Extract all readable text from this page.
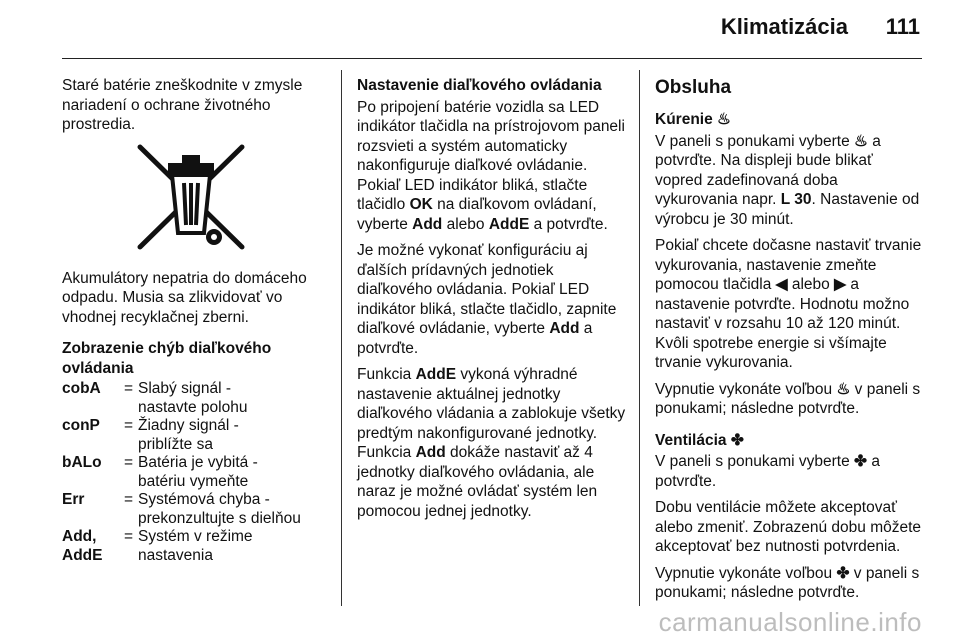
Klimatizácia 111

Staré batérie zneškodnite v zmysle
nariadení o ochrane životného
prostredia.

Akumulátory nepatria do domáceho
odpadu. Musia sa zlikvidovať vo
vhodnej recyklačnej zberni.

Zobrazenie chýb diaľkového
ovládania
cobA	= Slabý signál -
nastavte polohu
conP	= Žiadny signál -
priblížte sa
bALo	= Batéria je vybitá -
batériu vymeňte
Err	= Systémová chyba -
prekonzultujte s dielňou
Add,
AddE
= Systém v režime
nastavenia
Nastavenie diaľkového ovládania

Po pripojení batérie vozidla sa LED indikátor tlačidla na prístrojovom paneli rozsvieti a systém automaticky nakonfiguruje diaľkové ovládanie. Pokiaľ LED indikátor bliká, stlačte tlačidlo OK na diaľkovom ovládaní, vyberte Add alebo AddE a potvrďte.

Je možné vykonať konfiguráciu aj ďalších prídavných jednotiek diaľkového ovládania. Pokiaľ LED indikátor bliká, stlačte tlačidlo, zapnite diaľkové ovládanie, vyberte Add a potvrďte.

Funkcia AddE vykoná výhradné nastavenie aktuálnej jednotky diaľkového vládania a zablokuje všetky predtým nakonfigurované jednotky. Funkcia Add dokáže nastaviť až 4 jednotky diaľkového ovládania, ale naraz je možné ovládať systém len pomocou jednej jednotky.

Obsluha
Kúrenie ♨

V paneli s ponukami vyberte ♨ a potvrďte. Na displeji bude blikať vopred zadefinovaná doba vykurovania napr. L 30. Nastavenie od výrobcu je 30 minút.

Pokiaľ chcete dočasne nastaviť trvanie vykurovania, nastavenie zmeňte pomocou tlačidla ◀ alebo ▶ a nastavenie potvrďte. Hodnotu možno nastaviť v rozsahu 10 až 120 minút. Kvôli spotrebe energie si všímajte trvanie vykurovania.

Vypnutie vykonáte voľbou ♨ v paneli s ponukami; následne potvrďte.

Ventilácia ✤

V paneli s ponukami vyberte ✤ a potvrďte.

Dobu ventilácie môžete akceptovať alebo zmeniť. Zobrazenú dobu môžete akceptovať bez nutnosti potvrdenia.

Vypnutie vykonáte voľbou ✤ v paneli s ponukami; následne potvrďte.

carmanualsonline.info
